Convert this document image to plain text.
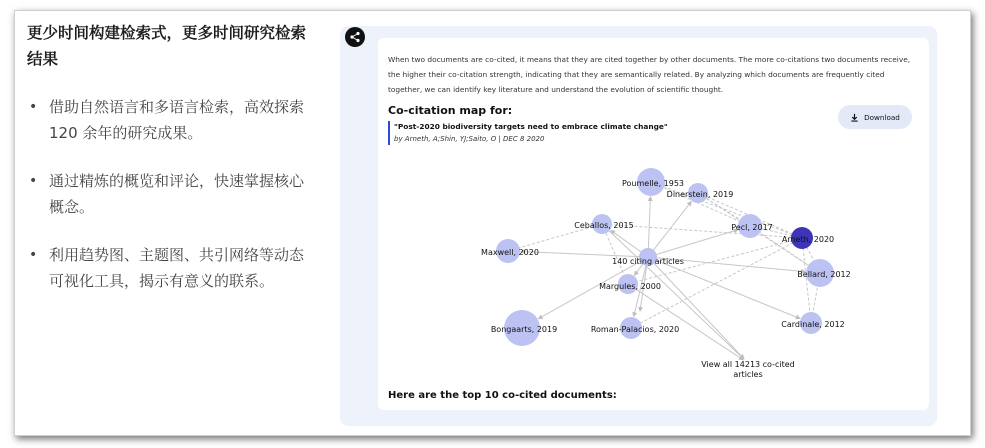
更少时间构建检索式，更多时间研究检索结果

• 借助自然语言和多语言检索，高效探索 120 余年的研究成果。
• 通过精炼的概览和评论，快速掌握核心概念。
• 利用趋势图、主题图、共引网络等动态可视化工具，揭示有意义的联系。
When two documents are co-cited, it means that they are cited together by other documents. The more co-citations two documents receive, the higher their co-citation strength, indicating that they are semantically related. By analyzing which documents are frequently cited together, we can identify key literature and understand the evolution of scientific thought.
Co-citation map for:
"Post-2020 biodiversity targets need to embrace climate change"
by Arneth, A;Shin, YJ;Saito, O | DEC 8 2020
Download
Poumelle, 1953
Dinerstein, 2019
Ceballos, 2015	Pecl, 2017
Arneth, 2020
Maxwell, 2020
Bellard, 2012
Margules, 2000
Bongaarts, 2019	Roman-Palacios, 2020
Cardinale, 2012
140 citing articles
View all 14213 co-cited
articles
Here are the top 10 co-cited documents:
